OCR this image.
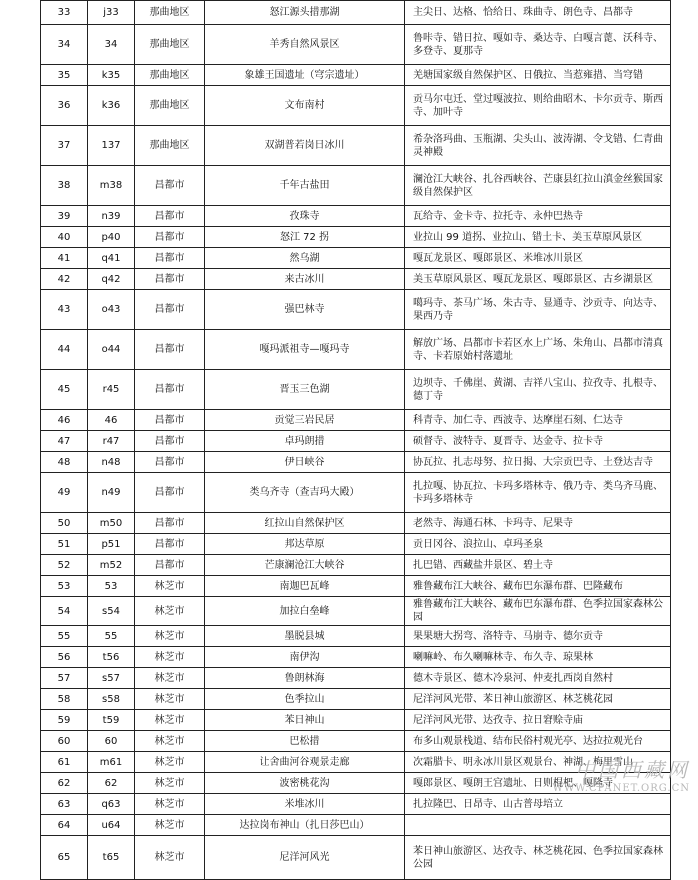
33	j33	那曲地区	怒江源头措那湖	主尖日、达格、恰给日、珠曲寺、朗色寺、昌都寺
34	34	那曲地区	羊秀自然风景区	鲁咔寺、错日拉、嘎如寺、桑达寺、白嘎言蓖、沃科寺、多登寺、夏那寺
35	k35	那曲地区	象雄王国遗址（穹宗遗址）	羌塘国家级自然保护区、日俄拉、当惹雍措、当穹错
36	k36	那曲地区	文布南村	贡马尔屯迁、堂过嘎波拉、则给曲昭木、卡尔贡寺、斯西寺、加叶寺
37	137	那曲地区	双湖普若岗日冰川	希杂洛玛曲、玉瓶湖、尖头山、波涛湖、令戈错、仁青曲灵神殿
38	m38	昌都市	千年古盐田	澜沧江大峡谷、扎谷西峡谷、芒康县红拉山滇金丝猴国家级自然保护区
39	n39	昌都市	孜珠寺	瓦给寺、金卡寺、拉托寺、永仲巴热寺
40	p40	昌都市	怒江 72 拐	业拉山 99 道拐、业拉山、错土卡、美玉草原风景区
41	q41	昌都市	然乌湖	嘎瓦龙景区、嘎郎景区、米堆冰川景区
42	q42	昌都市	来古冰川	美玉草原风景区、嘎瓦龙景区、嘎郎景区、古乡湖景区
43	o43	昌都市	强巴林寺	噶玛寺、茶马广场、朱古寺、显通寺、沙贡寺、向达寺、果西乃寺
44	o44	昌都市	嘎玛派祖寺—嘎玛寺	解放广场、昌都市卡若区水上广场、朱角山、昌都市清真寺、卡若原始村落遗址
45	r45	昌都市	晋玉三色湖	边坝寺、千佛崖、黄湖、吉祥八宝山、拉孜寺、扎根寺、德丁寺
46	46	昌都市	贡觉三岩民居	科青寺、加仁寺、西波寺、达摩崖石刻、仁达寺
47	r47	昌都市	卓玛朗措	硕督寺、波特寺、夏晋寺、达金寺、拉卡寺
48	n48	昌都市	伊日峡谷	协瓦拉、扎志母努、拉日揭、大宗贡巴寺、土登达吉寺
49	n49	昌都市	类乌齐寺（查吉玛大殿）	扎拉嘎、协瓦拉、卡玛多塔林寺、俄乃寺、类乌齐马鹿、卡玛多塔林寺
50	m50	昌都市	红拉山自然保护区	老然寺、海通石林、卡玛寺、尼果寺
51	p51	昌都市	邦达草原	贡日冈谷、浪拉山、卓玛圣泉
52	m52	昌都市	芒康澜沧江大峡谷	扎巴错、西藏盐井景区、碧土寺
53	53	林芝市	南迦巴瓦峰	雅鲁藏布江大峡谷、藏布巴东瀑布群、巴隆藏布
54	s54	林芝市	加拉白垒峰	雅鲁藏布江大峡谷、藏布巴东瀑布群、色季拉国家森林公园
55	55	林芝市	墨脱县城	果果塘大拐弯、洛特寺、马崩寺、德尔贡寺
56	t56	林芝市	南伊沟	喇嘛岭、布久喇嘛林寺、布久寺、琼果林
57	s57	林芝市	鲁朗林海	德木寺景区、德木冷泉河、仲麦扎西岗自然村
58	s58	林芝市	色季拉山	尼洋河风光带、苯日神山旅游区、林芝桃花园
59	t59	林芝市	苯日神山	尼洋河风光带、达孜寺、拉日窘赊寺庙
60	60	林芝市	巴松措	布多山观景栈道、结布民俗村观光亭、达拉拉观光台
61	m61	林芝市	让舍曲河谷观景走廊	次霜腊卡、明永冰川景区观景台、神湖、梅里雪山
62	62	林芝市	波密桃花沟	嘎郎景区、嘎朗王宫遗址、日则棍杷、嘎隆寺
63	q63	林芝市	米堆冰川	扎拉隆巴、日昂寺、山古普母培立
64	u64	林芝市	达拉岗布神山（扎日莎巴山）	
65	t65	林芝市	尼洋河风光	苯日神山旅游区、达孜寺、林芝桃花园、色季拉国家森林公园
中国西藏网
WWW.CPANET.ORG.CN
